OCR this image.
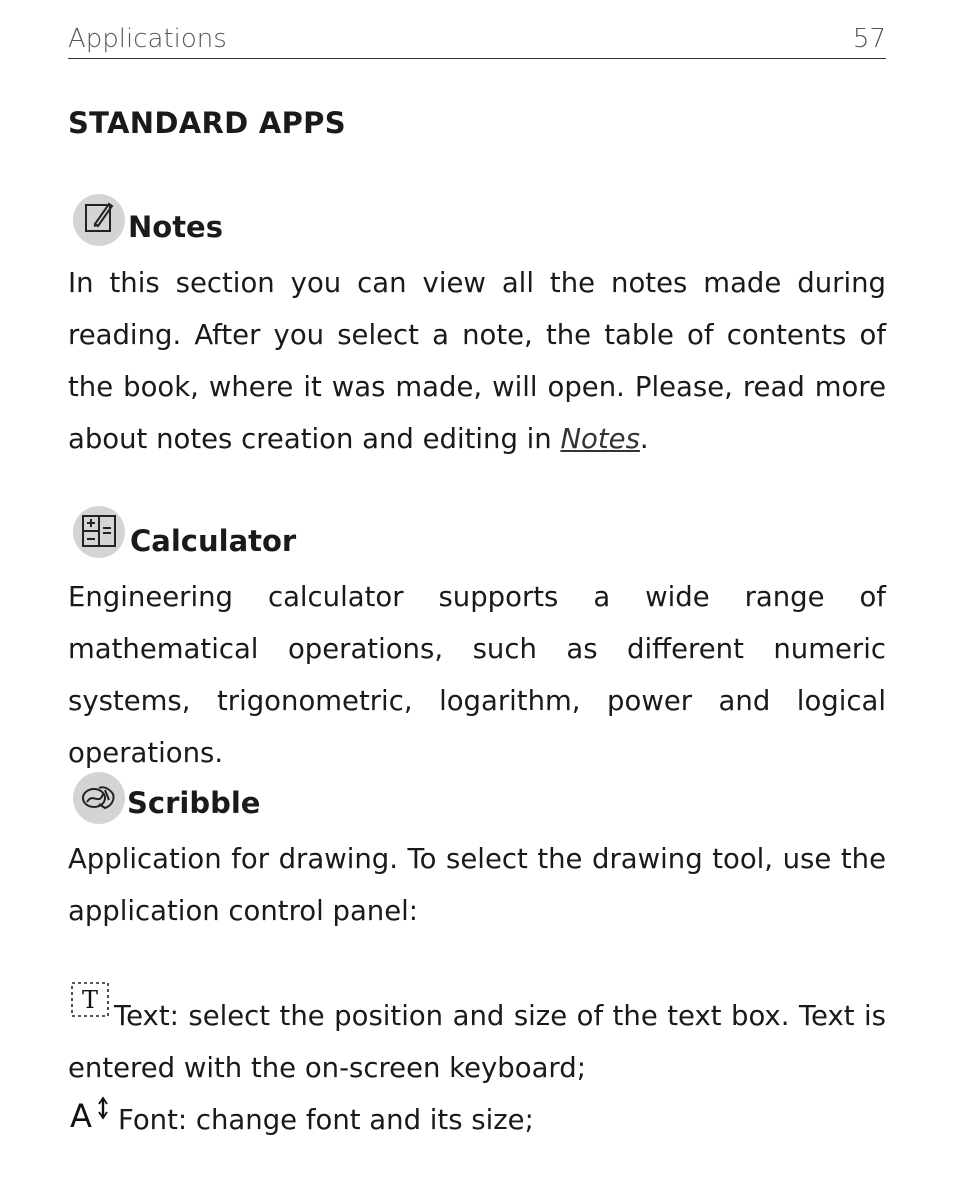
Applications	57
STANDARD APPS
Notes
In this section you can view all the notes made during reading. After you select a note, the table of contents of the book, where it was made, will open. Please, read more about notes creation and editing in Notes.
Calculator
Engineering calculator supports a wide range of mathematical operations, such as different numeric systems, trigonometric, logarithm, power and logical operations.
Scribble
Application for drawing. To select the drawing tool, use the application control panel:
T Text: select the position and size of the text box. Text is entered with the on-screen keyboard;
A Font: change font and its size;
